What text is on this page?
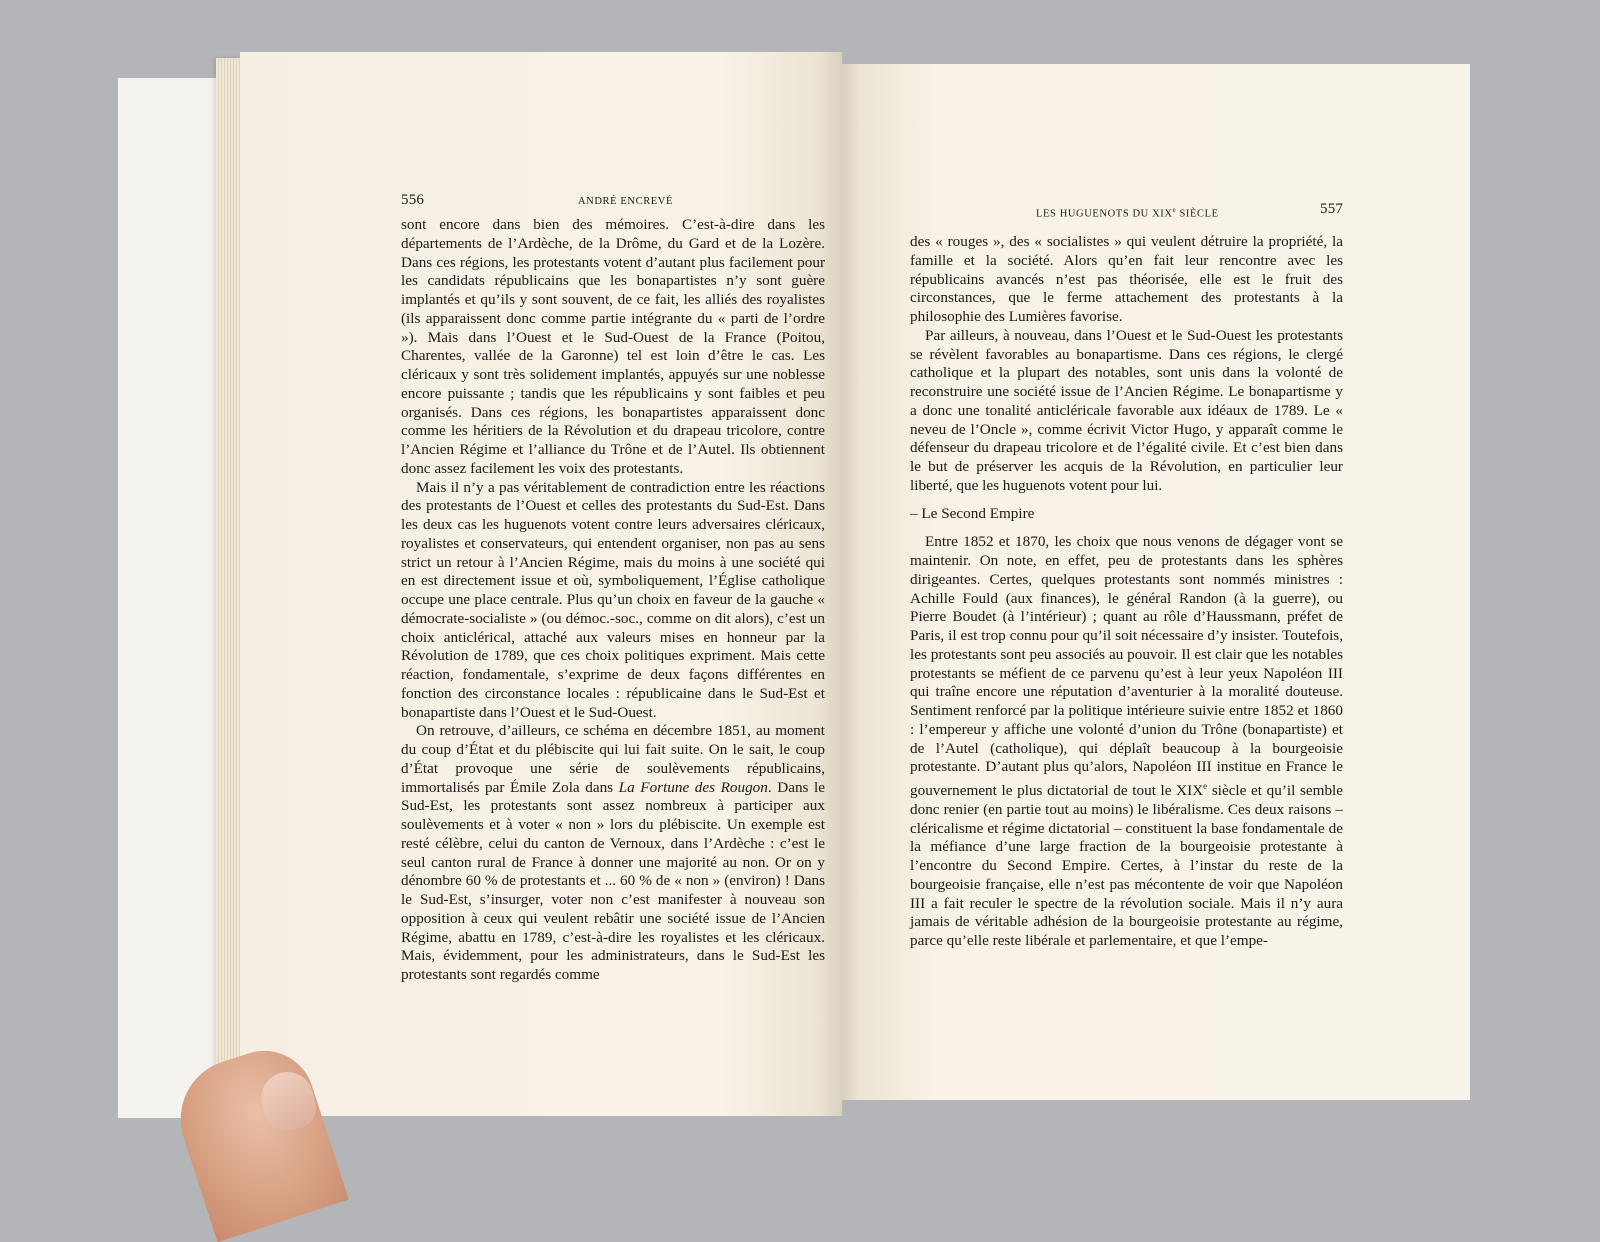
556	ANDRÉ ENCREVÉ

sont encore dans bien des mémoires. C’est-à-dire dans les départements de l’Ardèche, de la Drôme, du Gard et de la Lozère. Dans ces régions, les protestants votent d’autant plus facilement pour les candidats républicains que les bonapartistes n’y sont guère implantés et qu’ils y sont souvent, de ce fait, les alliés des royalistes (ils apparaissent donc comme partie intégrante du « parti de l’ordre »). Mais dans l’Ouest et le Sud-Ouest de la France (Poitou, Charentes, vallée de la Garonne) tel est loin d’être le cas. Les cléricaux y sont très solidement implantés, appuyés sur une noblesse encore puissante ; tandis que les républicains y sont faibles et peu organisés. Dans ces régions, les bonapartistes apparaissent donc comme les héritiers de la Révolution et du drapeau tricolore, contre l’Ancien Régime et l’alliance du Trône et de l’Autel. Ils obtiennent donc assez facilement les voix des protestants.

Mais il n’y a pas véritablement de contradiction entre les réactions des protestants de l’Ouest et celles des protestants du Sud-Est. Dans les deux cas les huguenots votent contre leurs adversaires cléricaux, royalistes et conservateurs, qui entendent organiser, non pas au sens strict un retour à l’Ancien Régime, mais du moins à une société qui en est directement issue et où, symboliquement, l’Église catholique occupe une place centrale. Plus qu’un choix en faveur de la gauche « démocrate-socialiste » (ou démoc.-soc., comme on dit alors), c’est un choix anticlérical, attaché aux valeurs mises en honneur par la Révolution de 1789, que ces choix politiques expriment. Mais cette réaction, fondamentale, s’exprime de deux façons différentes en fonction des circonstance locales : républicaine dans le Sud-Est et bonapartiste dans l’Ouest et le Sud-Ouest.

On retrouve, d’ailleurs, ce schéma en décembre 1851, au moment du coup d’État et du plébiscite qui lui fait suite. On le sait, le coup d’État provoque une série de soulèvements républicains, immortalisés par Émile Zola dans La Fortune des Rougon. Dans le Sud-Est, les protestants sont assez nombreux à participer aux soulèvements et à voter « non » lors du plébiscite. Un exemple est resté célèbre, celui du canton de Vernoux, dans l’Ardèche : c’est le seul canton rural de France à donner une majorité au non. Or on y dénombre 60 % de protestants et ... 60 % de « non » (environ) ! Dans le Sud-Est, s’insurger, voter non c’est manifester à nouveau son opposition à ceux qui veulent rebâtir une société issue de l’Ancien Régime, abattu en 1789, c’est-à-dire les royalistes et les cléricaux. Mais, évidemment, pour les administrateurs, dans le Sud-Est les protestants sont regardés comme

LES HUGUENOTS DU XIXe SIÈCLE	557

des « rouges », des « socialistes » qui veulent détruire la propriété, la famille et la société. Alors qu’en fait leur rencontre avec les républicains avancés n’est pas théorisée, elle est le fruit des circonstances, que le ferme attachement des protestants à la philosophie des Lumières favorise.

Par ailleurs, à nouveau, dans l’Ouest et le Sud-Ouest les protestants se révèlent favorables au bonapartisme. Dans ces régions, le clergé catholique et la plupart des notables, sont unis dans la volonté de reconstruire une société issue de l’Ancien Régime. Le bonapartisme y a donc une tonalité anticléricale favorable aux idéaux de 1789. Le « neveu de l’Oncle », comme écrivit Victor Hugo, y apparaît comme le défenseur du drapeau tricolore et de l’égalité civile. Et c’est bien dans le but de préserver les acquis de la Révolution, en particulier leur liberté, que les huguenots votent pour lui.

– Le Second Empire

Entre 1852 et 1870, les choix que nous venons de dégager vont se maintenir. On note, en effet, peu de protestants dans les sphères dirigeantes. Certes, quelques protestants sont nommés ministres : Achille Fould (aux finances), le général Randon (à la guerre), ou Pierre Boudet (à l’intérieur) ; quant au rôle d’Haussmann, préfet de Paris, il est trop connu pour qu’il soit nécessaire d’y insister. Toutefois, les protestants sont peu associés au pouvoir. Il est clair que les notables protestants se méfient de ce parvenu qu’est à leur yeux Napoléon III qui traîne encore une réputation d’aventurier à la moralité douteuse. Sentiment renforcé par la politique intérieure suivie entre 1852 et 1860 : l’empereur y affiche une volonté d’union du Trône (bonapartiste) et de l’Autel (catholique), qui déplaît beaucoup à la bourgeoisie protestante. D’autant plus qu’alors, Napoléon III institue en France le gouvernement le plus dictatorial de tout le XIXe siècle et qu’il semble donc renier (en partie tout au moins) le libéralisme. Ces deux raisons – cléricalisme et régime dictatorial – constituent la base fondamentale de la méfiance d’une large fraction de la bourgeoisie protestante à l’encontre du Second Empire. Certes, à l’instar du reste de la bourgeoisie française, elle n’est pas mécontente de voir que Napoléon III a fait reculer le spectre de la révolution sociale. Mais il n’y aura jamais de véritable adhésion de la bourgeoisie protestante au régime, parce qu’elle reste libérale et parlementaire, et que l’empe-
